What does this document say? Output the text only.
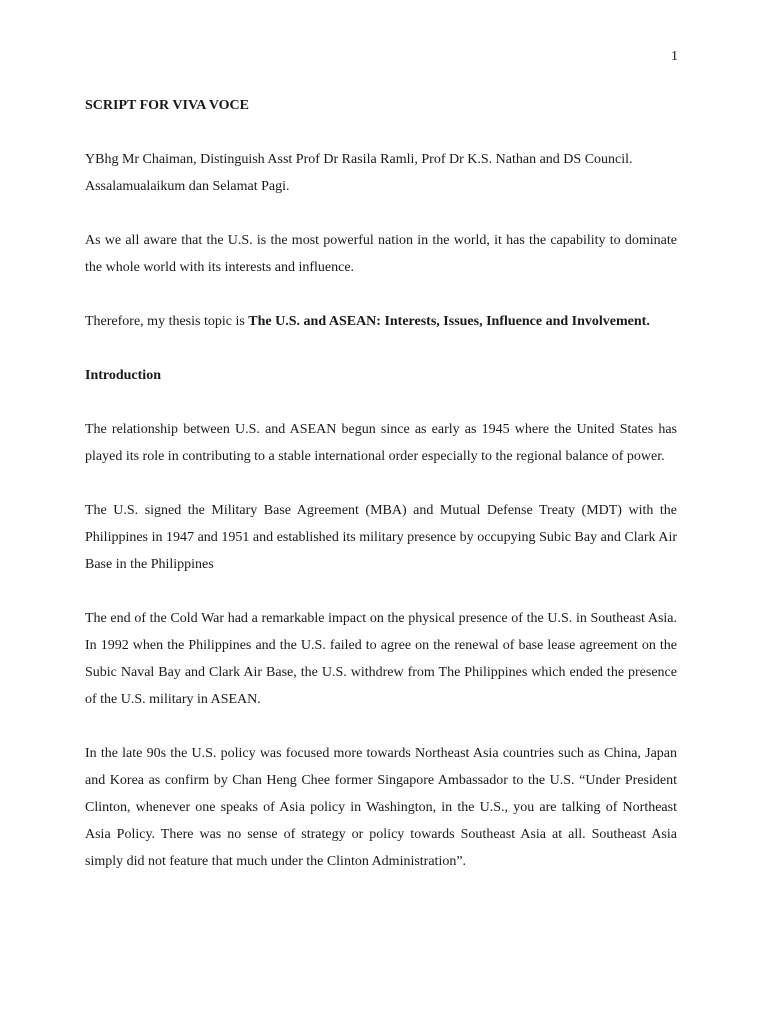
1
SCRIPT FOR VIVA VOCE

YBhg Mr Chaiman, Distinguish Asst Prof Dr Rasila Ramli, Prof Dr K.S. Nathan and DS Council.
Assalamualaikum dan Selamat Pagi.

As we all aware that the U.S. is the most powerful nation in the world, it has the capability to dominate the whole world with its interests and influence.

Therefore, my thesis topic is The U.S. and ASEAN: Interests, Issues, Influence and Involvement.

Introduction

The relationship between U.S. and ASEAN begun since as early as 1945 where the United States has played its role in contributing to a stable international order especially to the regional balance of power.

The U.S. signed the Military Base Agreement (MBA) and Mutual Defense Treaty (MDT) with the Philippines in 1947 and 1951 and established its military presence by occupying Subic Bay and Clark Air Base in the Philippines

The end of the Cold War had a remarkable impact on the physical presence of the U.S. in Southeast Asia. In 1992 when the Philippines and the U.S. failed to agree on the renewal of base lease agreement on the Subic Naval Bay and Clark Air Base, the U.S. withdrew from The Philippines which ended the presence of the U.S. military in ASEAN.

In the late 90s the U.S. policy was focused more towards Northeast Asia countries such as China, Japan and Korea as confirm by Chan Heng Chee former Singapore Ambassador to the U.S. “Under President Clinton, whenever one speaks of Asia policy in Washington, in the U.S., you are talking of Northeast Asia Policy. There was no sense of strategy or policy towards Southeast Asia at all. Southeast Asia simply did not feature that much under the Clinton Administration”.
